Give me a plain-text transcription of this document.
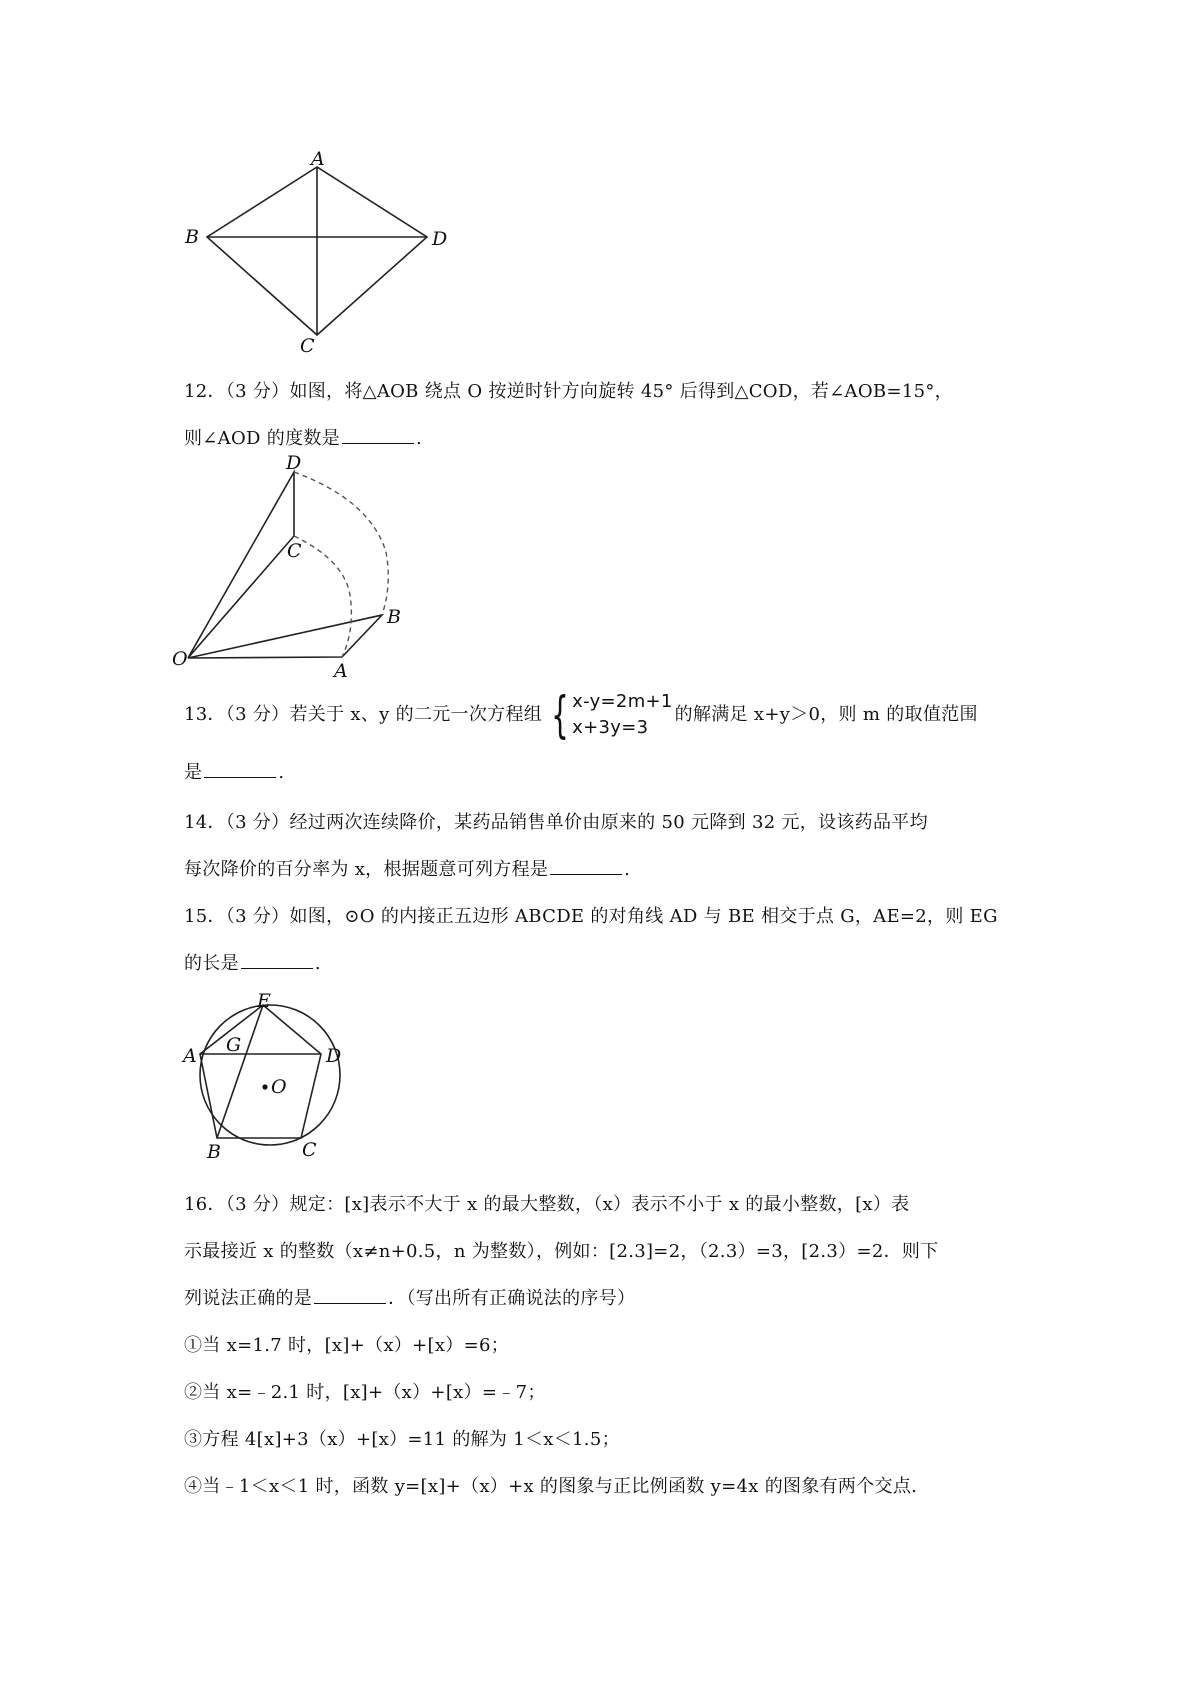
A
B
C
D
12．（3 分）如图，将△AOB 绕点 O 按逆时针方向旋转 45° 后得到△COD，若∠AOB=15°，
则∠AOD 的度数是	.
O
A
B
C
D
13．（3 分）若关于 x、y 的二元一次方程组 { x-y=2m+1
x+3y=3
的解满足 x+y＞0，则 m 的取值范围
是	.
14．（3 分）经过两次连续降价，某药品销售单价由原来的 50 元降到 32 元，设该药品平均
每次降价的百分率为 x，根据题意可列方程是	.
15．（3 分）如图，⊙O 的内接正五边形 ABCDE 的对角线 AD 与 BE 相交于点 G，AE=2，则 EG
的长是	.
E
A G	D
O
B	C
16．（3 分）规定：[x]表示不大于 x 的最大整数，（x）表示不小于 x 的最小整数，[x）表
示最接近 x 的整数（x≠n+0.5，n 为整数），例如：[2.3]=2，（2.3）=3，[2.3）=2．则下
列说法正确的是	．（写出所有正确说法的序号）
①当 x=1.7 时，[x]+（x）+[x）=6；
②当 x=﹣2.1 时，[x]+（x）+[x）=﹣7；
③方程 4[x]+3（x）+[x）=11 的解为 1＜x＜1.5；
④当﹣1＜x＜1 时，函数 y=[x]+（x）+x 的图象与正比例函数 y=4x 的图象有两个交点.
